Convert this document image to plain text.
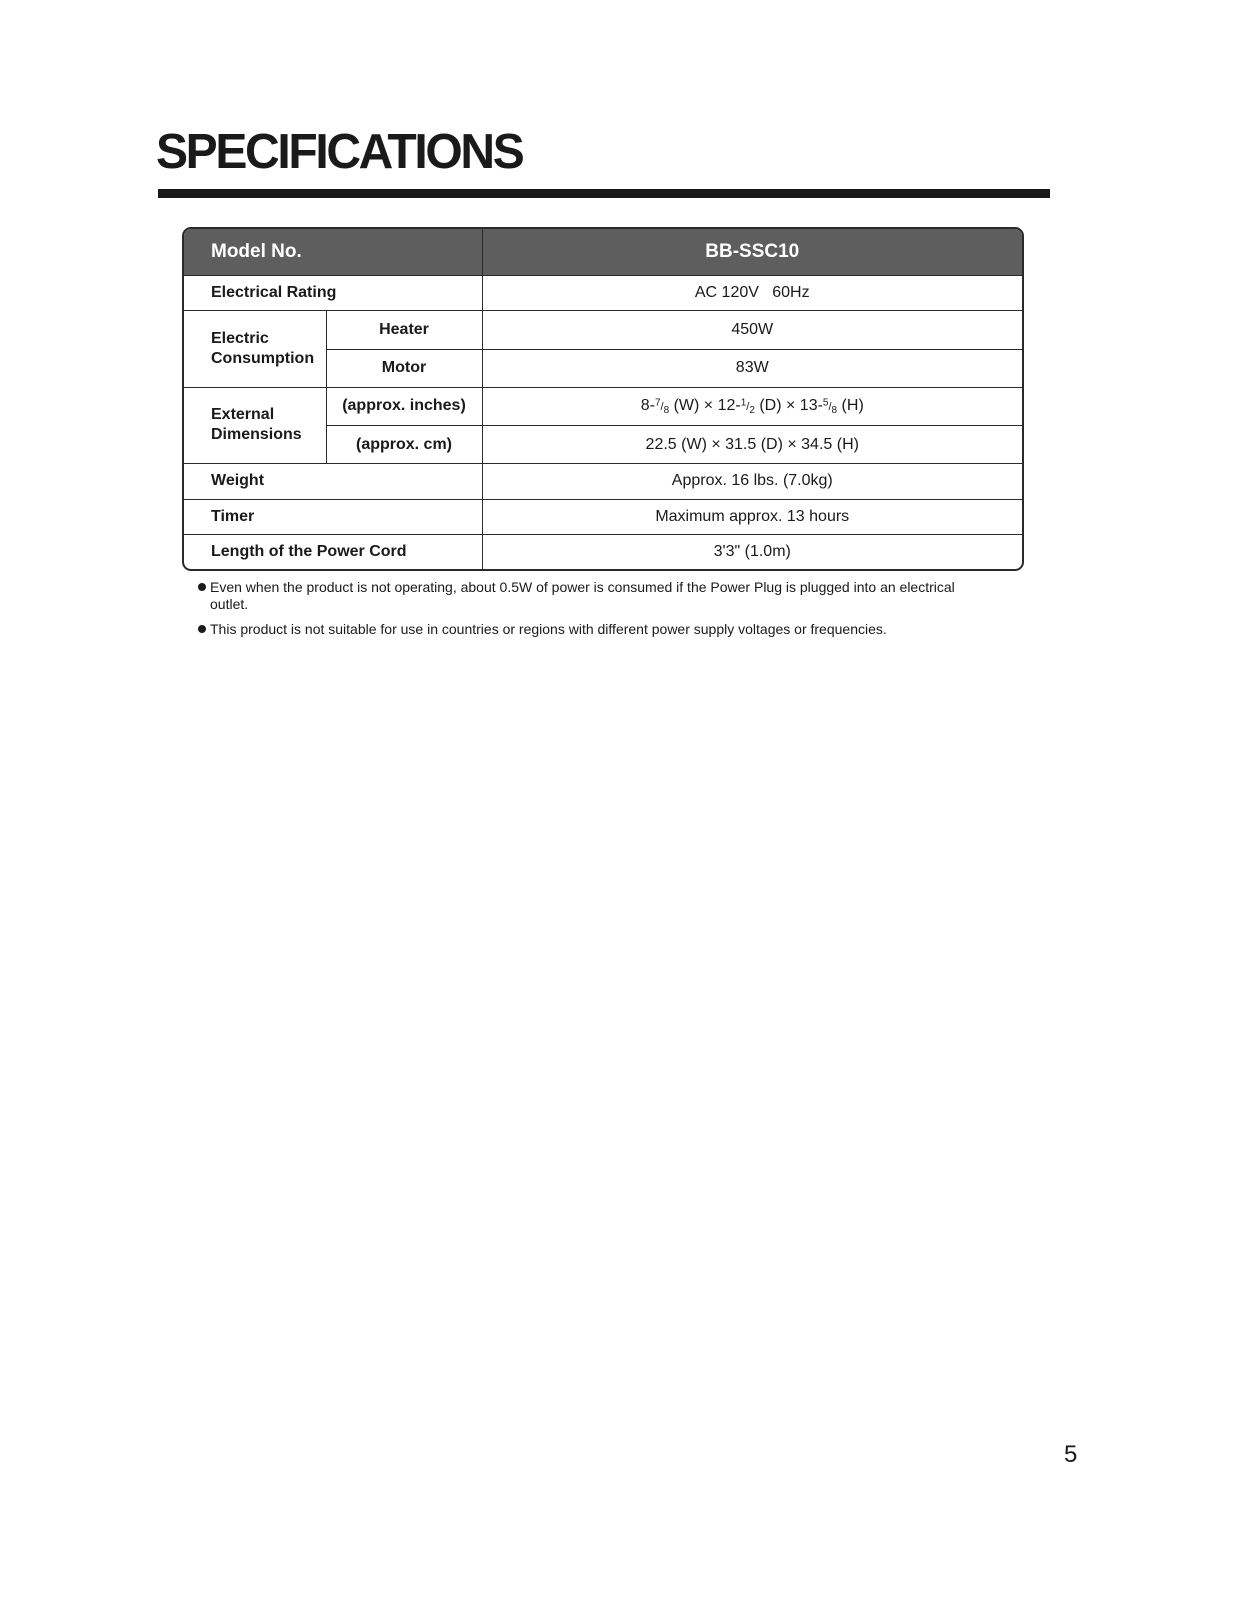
SPECIFICATIONS
Model No.		BB-SSC10
Electrical Rating		AC 120V   60Hz
Electric
Consumption	Heater	450W
	Motor	83W
External
Dimensions	(approx. inches)	$8-^7/_8$ $(W) \times 12-^1/_2$ $(D) \times 13-^5/_8$ (H)
	(approx. cm)	22.5 (W) × 31.5 (D) × 34.5 (H)
Weight		Approx. 16 lbs. (7.0kg)
Timer		Maximum approx. 13 hours
Length of the Power Cord		3'3" (1.0m)
Even when the product is not operating, about 0.5W of power is consumed if the Power Plug is plugged into an electrical outlet.
This product is not suitable for use in countries or regions with different power supply voltages or frequencies.
5
